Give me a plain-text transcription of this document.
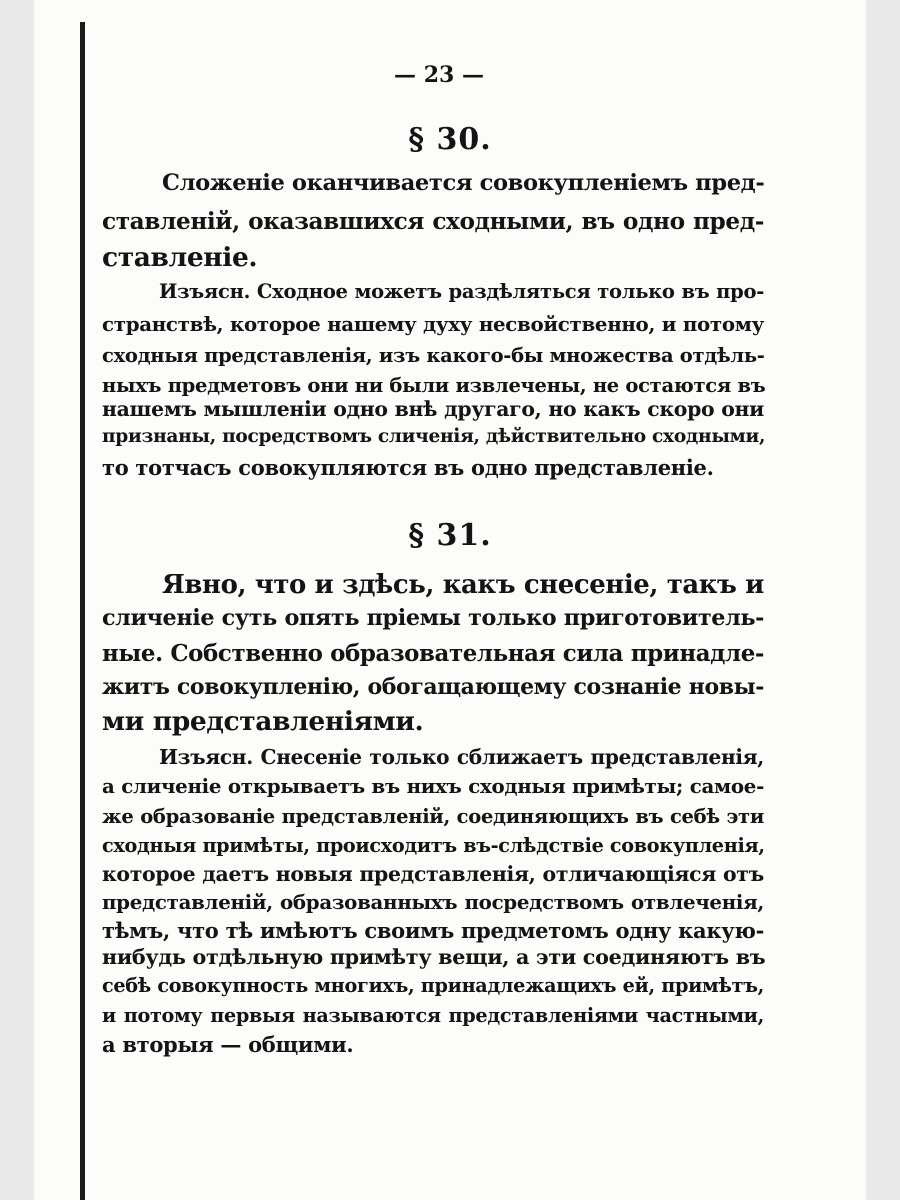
— 23 —
§ 30.
Сложеніе оканчивается совокупленіемъ пред-
ставленій, оказавшихся сходными, въ одно пред-
ставленіе.
Изъясн. Сходное можетъ раздѣляться только въ про-
странствѣ, которое нашему духу несвойственно, и потому
сходныя представленія, изъ какого-бы множества отдѣль-
ныхъ предметовъ они ни были извлечены, не остаются въ
нашемъ мышленіи одно внѣ другаго, но какъ скоро они
признаны, посредствомъ сличенія, дѣйствительно сходными,
то тотчасъ совокупляются въ одно представленіе.
§ 31.
Явно, что и здѣсь, какъ снесеніе, такъ и
сличеніе суть опять пріемы только приготовитель-
ные. Собственно образовательная сила принадле-
житъ совокупленію, обогащающему сознаніе новы-
ми представленіями.
Изъясн. Снесеніе только сближаетъ представленія,
а сличеніе открываетъ въ нихъ сходныя примѣты; самое-
же образованіе представленій, соединяющихъ въ себѣ эти
сходныя примѣты, происходитъ въ-слѣдствіе совокупленія,
которое даетъ новыя представленія, отличающіяся отъ
представленій, образованныхъ посредствомъ отвлеченія,
тѣмъ, что тѣ имѣютъ своимъ предметомъ одну какую-
нибудь отдѣльную примѣту вещи, а эти соединяютъ въ
себѣ совокупность многихъ, принадлежащихъ ей, примѣтъ,
и потому первыя называются представленіями частными,
а вторыя — общими.
